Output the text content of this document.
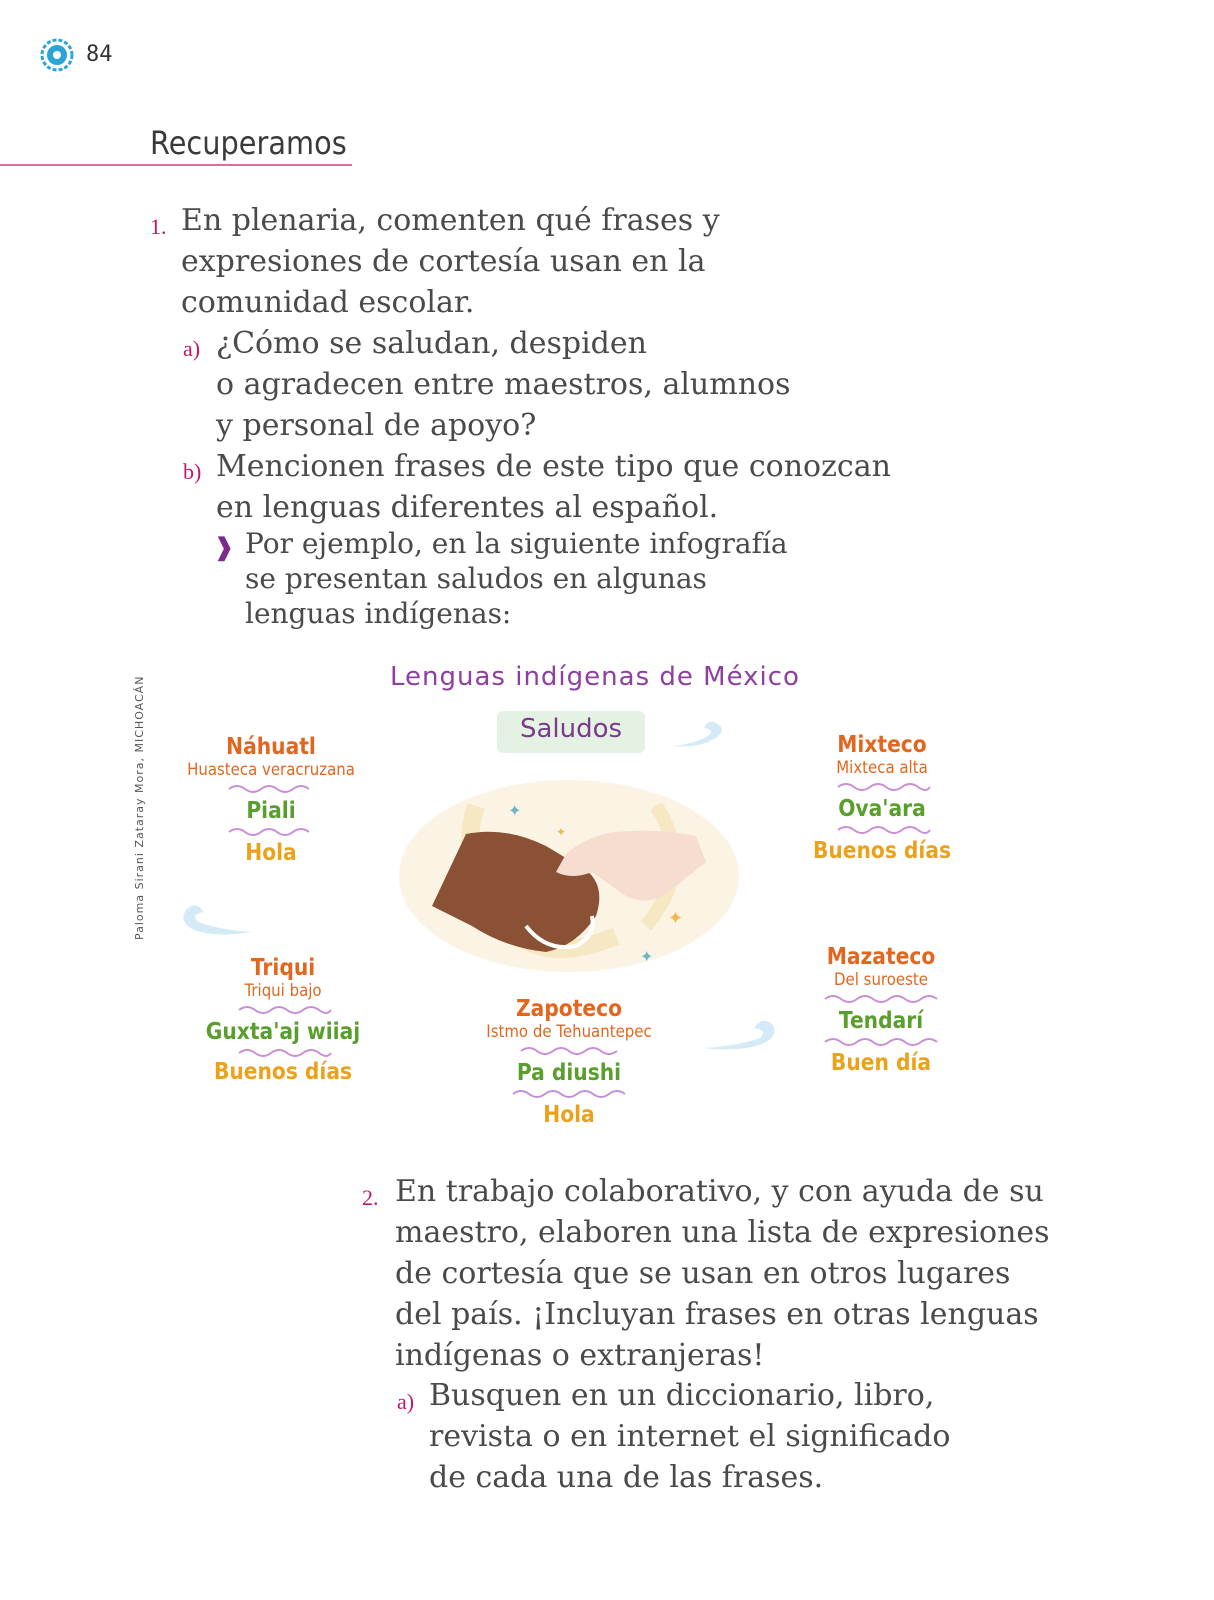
84
Recuperamos
1. En plenaria, comenten qué frases y
expresiones de cortesía usan en la
comunidad escolar.
a) ¿Cómo se saludan, despiden
o agradecen entre maestros, alumnos
y personal de apoyo?
b) Mencionen frases de este tipo que conozcan
en lenguas diferentes al español.
❱ Por ejemplo, en la siguiente infografía
se presentan saludos en algunas
lenguas indígenas:
Lenguas indígenas de México
Saludos
Paloma Sirani Zataray Mora, MICHOACÁN	✦
✦
✦
✦
Náhuatl
Huasteca veracruzana
Piali
Hola
Mixteco
Mixteca alta
Ova'ara
Buenos días
Triqui
Triqui bajo
Guxta'aj wiiaj
Buenos días
Zapoteco
Istmo de Tehuantepec
Pa diushi
Hola
Mazateco
Del suroeste
Tendarí
Buen día
2. En trabajo colaborativo, y con ayuda de su
maestro, elaboren una lista de expresiones
de cortesía que se usan en otros lugares
del país. ¡Incluyan frases en otras lenguas
indígenas o extranjeras!
a) Busquen en un diccionario, libro,
revista o en internet el significado
de cada una de las frases.
